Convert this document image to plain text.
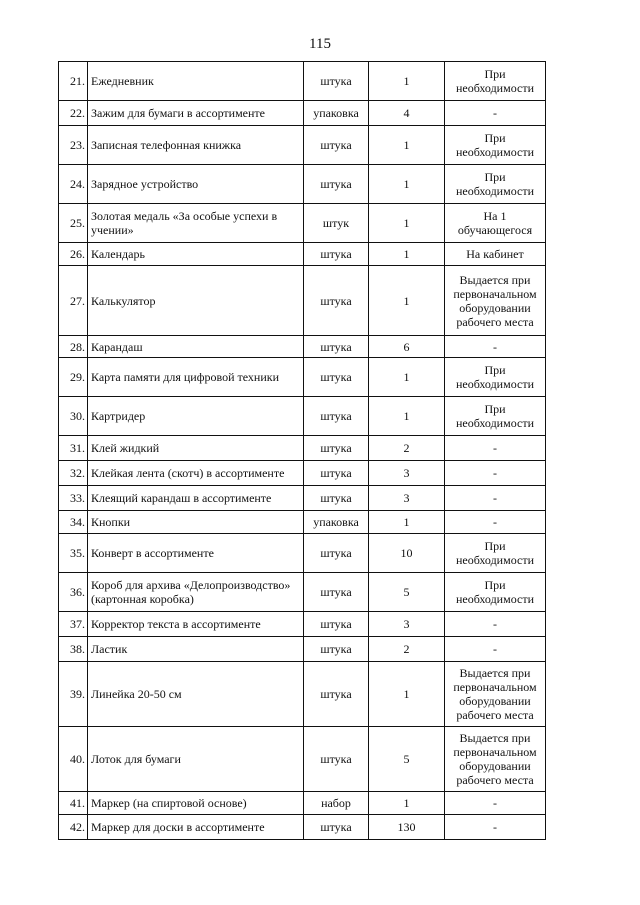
115
21.	Ежедневник	штука	1	При необходимости
22.	Зажим для бумаги в ассортименте	упаковка	4	-
23.	Записная телефонная книжка	штука	1	При необходимости
24.	Зарядное устройство	штука	1	При необходимости
25.	Золотая медаль «За особые успехи в учении»	штук	1	На 1 обучающегося
26.	Календарь	штука	1	На кабинет
27.	Калькулятор	штука	1	Выдается при первоначальном оборудовании рабочего места
28.	Карандаш	штука	6	-
29.	Карта памяти для цифровой техники	штука	1	При необходимости
30.	Картридер	штука	1	При необходимости
31.	Клей жидкий	штука	2	-
32.	Клейкая лента (скотч) в ассортименте	штука	3	-
33.	Клеящий карандаш в ассортименте	штука	3	-
34.	Кнопки	упаковка	1	-
35.	Конверт в ассортименте	штука	10	При необходимости
36.	Короб для архива «Делопроизводство» (картонная коробка)	штука	5	При необходимости
37.	Корректор текста в ассортименте	штука	3	-
38.	Ластик	штука	2	-
39.	Линейка 20-50 см	штука	1	Выдается при первоначальном оборудовании рабочего места
40.	Лоток для бумаги	штука	5	Выдается при первоначальном оборудовании рабочего места
41.	Маркер (на спиртовой основе)	набор	1	-
42.	Маркер для доски в ассортименте	штука	130	-
